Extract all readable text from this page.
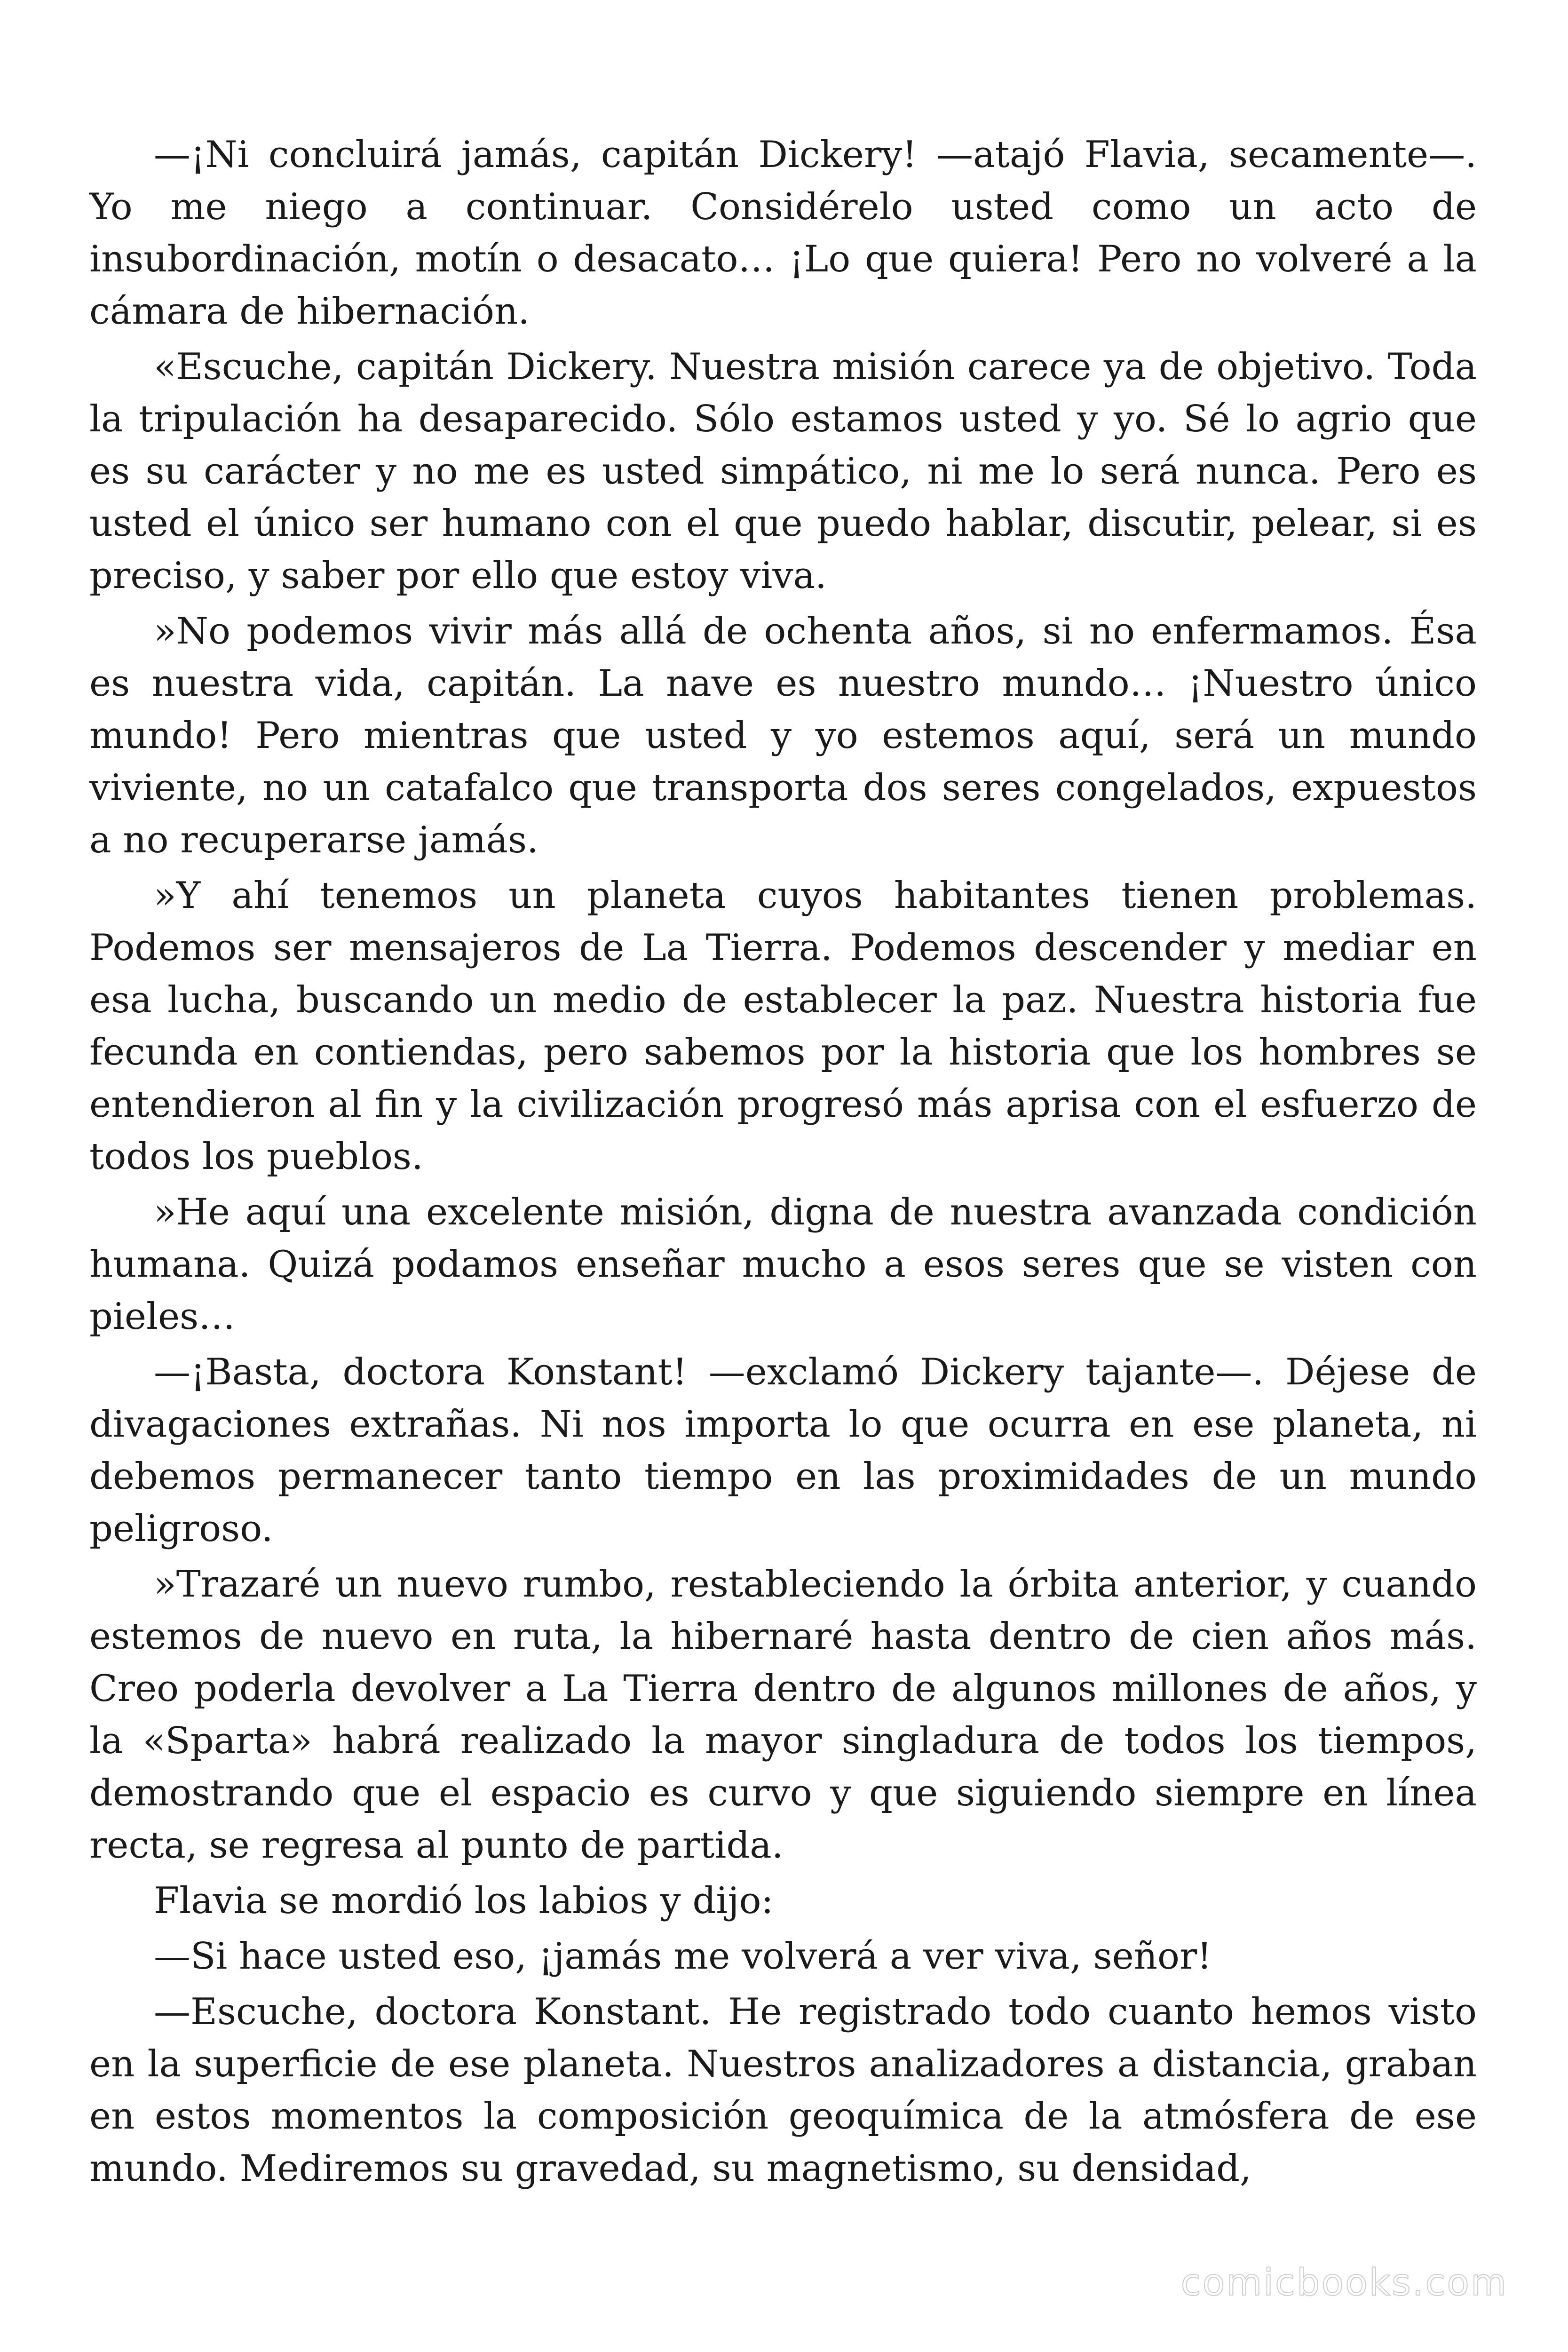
—¡Ni concluirá jamás, capitán Dickery! —atajó Flavia, secamente—. Yo me niego a continuar. Considérelo usted como un acto de insubordinación, motín o desacato… ¡Lo que quiera! Pero no volveré a la cámara de hibernación.

«Escuche, capitán Dickery. Nuestra misión carece ya de objetivo. Toda la tripulación ha desaparecido. Sólo estamos usted y yo. Sé lo agrio que es su carácter y no me es usted simpático, ni me lo será nunca. Pero es usted el único ser humano con el que puedo hablar, discutir, pelear, si es preciso, y saber por ello que estoy viva.

»No podemos vivir más allá de ochenta años, si no enfermamos. Ésa es nuestra vida, capitán. La nave es nuestro mundo… ¡Nuestro único mundo! Pero mientras que usted y yo estemos aquí, será un mundo viviente, no un catafalco que transporta dos seres congelados, expuestos a no recuperarse jamás.

»Y ahí tenemos un planeta cuyos habitantes tienen problemas. Podemos ser mensajeros de La Tierra. Podemos descender y mediar en esa lucha, buscando un medio de establecer la paz. Nuestra historia fue fecunda en contiendas, pero sabemos por la historia que los hombres se entendieron al fin y la civilización progresó más aprisa con el esfuerzo de todos los pueblos.

»He aquí una excelente misión, digna de nuestra avanzada condición humana. Quizá podamos enseñar mucho a esos seres que se visten con pieles…

—¡Basta, doctora Konstant! —exclamó Dickery tajante—. Déjese de divagaciones extrañas. Ni nos importa lo que ocurra en ese planeta, ni debemos permanecer tanto tiempo en las proximidades de un mundo peligroso.

»Trazaré un nuevo rumbo, restableciendo la órbita anterior, y cuando estemos de nuevo en ruta, la hibernaré hasta dentro de cien años más. Creo poderla devolver a La Tierra dentro de algunos millones de años, y la «Sparta» habrá realizado la mayor singladura de todos los tiempos, demostrando que el espacio es curvo y que siguiendo siempre en línea recta, se regresa al punto de partida.

Flavia se mordió los labios y dijo:

—Si hace usted eso, ¡jamás me volverá a ver viva, señor!

—Escuche, doctora Konstant. He registrado todo cuanto hemos visto en la superficie de ese planeta. Nuestros analizadores a distancia, graban en estos momentos la composición geoquímica de la atmósfera de ese mundo. Mediremos su gravedad, su magnetismo, su densidad,

comicbooks.com
